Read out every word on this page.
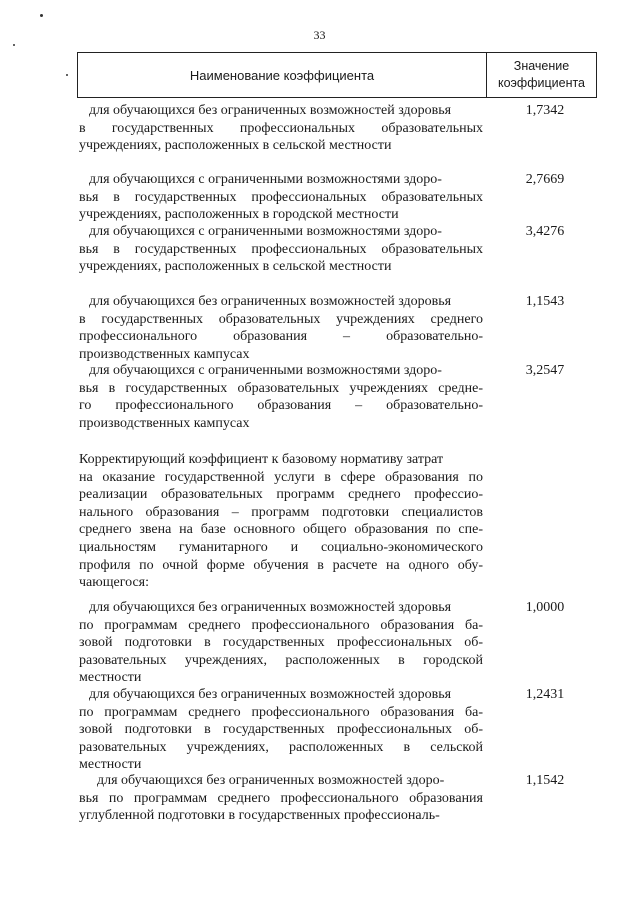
33
Наименование коэффициента
Значение
коэффициента
для обучающихся без ограниченных возможностей здоровья
в государственных профессиональных образовательных
учреждениях, расположенных в сельской местности
1,7342
для обучающихся с ограниченными возможностями здоро-
вья в государственных профессиональных образовательных
учреждениях, расположенных в городской местности
2,7669
для обучающихся с ограниченными возможностями здоро-
вья в государственных профессиональных образовательных
учреждениях, расположенных в сельской местности
3,4276
для обучающихся без ограниченных возможностей здоровья
в государственных образовательных учреждениях среднего
профессионального образования – образовательно-
производственных кампусах
1,1543
для обучающихся с ограниченными возможностями здоро-
вья в государственных образовательных учреждениях средне-
го профессионального образования – образовательно-
производственных кампусах
3,2547
Корректирующий коэффициент к базовому нормативу затрат
на оказание государственной услуги в сфере образования по
реализации образовательных программ среднего профессио-
нального образования – программ подготовки специалистов
среднего звена на базе основного общего образования по спе-
циальностям гуманитарного и социально-экономического
профиля по очной форме обучения в расчете на одного обу-
чающегося:
для обучающихся без ограниченных возможностей здоровья
по программам среднего профессионального образования ба-
зовой подготовки в государственных профессиональных об-
разовательных учреждениях, расположенных в городской
местности
1,0000
для обучающихся без ограниченных возможностей здоровья
по программам среднего профессионального образования ба-
зовой подготовки в государственных профессиональных об-
разовательных учреждениях, расположенных в сельской
местности
1,2431
для обучающихся без ограниченных возможностей здоро-
вья по программам среднего профессионального образования
углубленной подготовки в государственных профессиональ-
1,1542
